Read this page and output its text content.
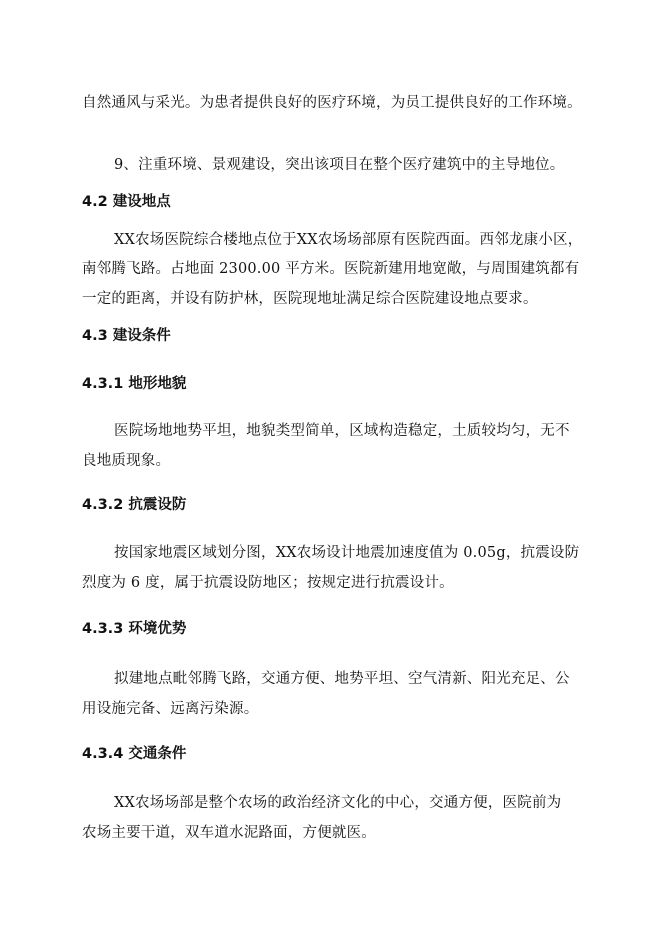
自然通风与采光。为患者提供良好的医疗环境，为员工提供良好的工作环境。
9、注重环境、景观建设，突出该项目在整个医疗建筑中的主导地位。
4.2 建设地点
XX农场医院综合楼地点位于XX农场场部原有医院西面。西邻龙康小区，
南邻腾飞路。占地面 2300.00 平方米。医院新建用地宽敞，与周围建筑都有
一定的距离，并设有防护林，医院现地址满足综合医院建设地点要求。
4.3 建设条件
4.3.1 地形地貌
医院场地地势平坦，地貌类型简单，区域构造稳定，土质较均匀，无不
良地质现象。
4.3.2 抗震设防
按国家地震区域划分图，XX农场设计地震加速度值为 0.05g，抗震设防
烈度为 6 度，属于抗震设防地区；按规定进行抗震设计。
4.3.3 环境优势
拟建地点毗邻腾飞路，交通方便、地势平坦、空气清新、阳光充足、公
用设施完备、远离污染源。
4.3.4 交通条件
XX农场场部是整个农场的政治经济文化的中心，交通方便，医院前为
农场主要干道，双车道水泥路面，方便就医。
